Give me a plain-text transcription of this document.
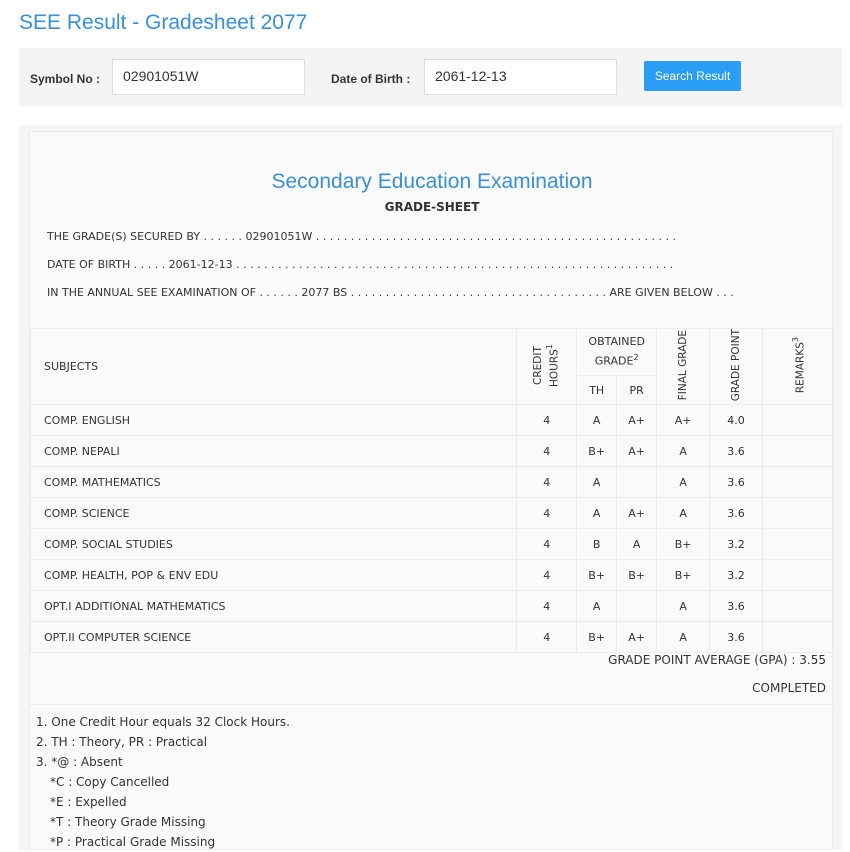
SEE Result - Gradesheet 2077
Symbol No :	02901051W	Date of Birth :	2061-12-13	Search Result
Secondary Education Examination
GRADE-SHEET
THE GRADE(S) SECURED BY . . . . . . 02901051W . . . . . . . . . . . . . . . . . . . . . . . . . . . . . . . . . . . . . . . . . . . . . . . . . . . .
DATE OF BIRTH . . . . . 2061-12-13 . . . . . . . . . . . . . . . . . . . . . . . . . . . . . . . . . . . . . . . . . . . . . . . . . . . . . . . . . . . . . . .
IN THE ANNUAL SEE EXAMINATION OF . . . . . . 2077 BS . . . . . . . . . . . . . . . . . . . . . . . . . . . . . . . . . . . . . ARE GIVEN BELOW . . .
SUBJECTS	CREDIT HOURS$^1$	OBTAINED GRADE$^2$		FINAL GRADE	GRADE POINT	REMARKS$^3$
		TH	PR			
COMP. ENGLISH	4	A	A+	A+	4.0	
COMP. NEPALI	4	B+	A+	A	3.6	
COMP. MATHEMATICS	4	A		A	3.6	
COMP. SCIENCE	4	A	A+	A	3.6	
COMP. SOCIAL STUDIES	4	B	A	B+	3.2	
COMP. HEALTH, POP & ENV EDU	4	B+	B+	B+	3.2	
OPT.I ADDITIONAL MATHEMATICS	4	A		A	3.6	
OPT.II COMPUTER SCIENCE	4	B+	A+	A	3.6	
GRADE POINT AVERAGE (GPA) : 3.55
COMPLETED
1. One Credit Hour equals 32 Clock Hours.
2. TH : Theory, PR : Practical
3. *@ : Absent
*C : Copy Cancelled
*E : Expelled
*T : Theory Grade Missing
*P : Practical Grade Missing
